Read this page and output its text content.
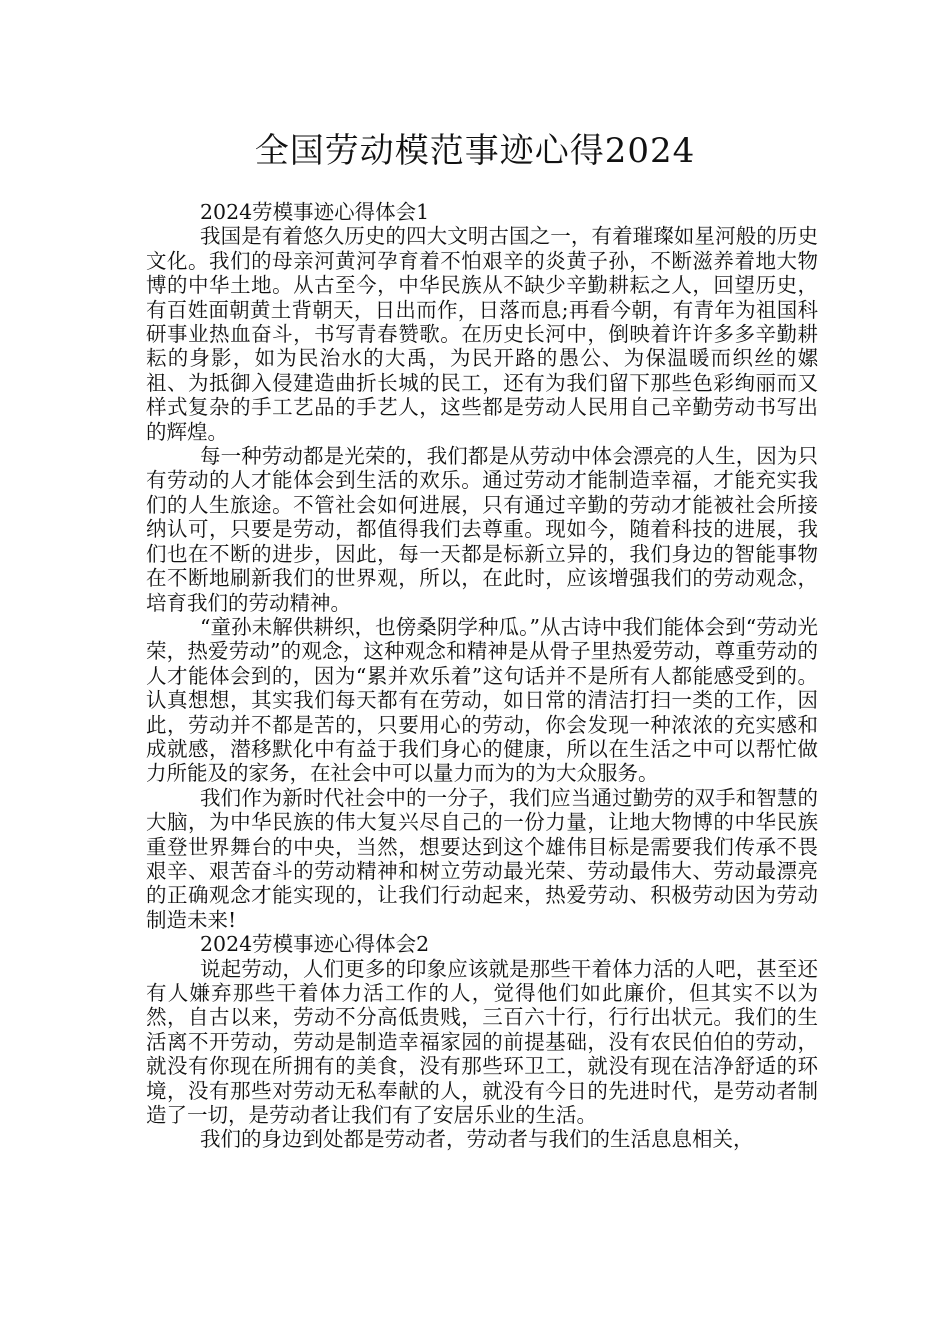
全国劳动模范事迹心得2024

2024劳模事迹心得体会1

我国是有着悠久历史的四大文明古国之一，有着璀璨如星河般的历史文化。我们的母亲河黄河孕育着不怕艰辛的炎黄子孙，不断滋养着地大物博的中华土地。从古至今，中华民族从不缺少辛勤耕耘之人，回望历史，有百姓面朝黄土背朝天，日出而作，日落而息;再看今朝，有青年为祖国科研事业热血奋斗，书写青春赞歌。在历史长河中，倒映着许许多多辛勤耕耘的身影，如为民治水的大禹，为民开路的愚公、为保温暖而织丝的嫘祖、为抵御入侵建造曲折长城的民工，还有为我们留下那些色彩绚丽而又样式复杂的手工艺品的手艺人，这些都是劳动人民用自己辛勤劳动书写出的辉煌。

每一种劳动都是光荣的，我们都是从劳动中体会漂亮的人生，因为只有劳动的人才能体会到生活的欢乐。通过劳动才能制造幸福，才能充实我们的人生旅途。不管社会如何进展，只有通过辛勤的劳动才能被社会所接纳认可，只要是劳动，都值得我们去尊重。现如今，随着科技的进展，我们也在不断的进步，因此，每一天都是标新立异的，我们身边的智能事物在不断地刷新我们的世界观，所以，在此时，应该增强我们的劳动观念，培育我们的劳动精神。

“童孙未解供耕织，也傍桑阴学种瓜。”从古诗中我们能体会到“劳动光荣，热爱劳动”的观念，这种观念和精神是从骨子里热爱劳动，尊重劳动的人才能体会到的，因为“累并欢乐着”这句话并不是所有人都能感受到的。认真想想，其实我们每天都有在劳动，如日常的清洁打扫一类的工作，因此，劳动并不都是苦的，只要用心的劳动，你会发现一种浓浓的充实感和成就感，潜移默化中有益于我们身心的健康，所以在生活之中可以帮忙做力所能及的家务，在社会中可以量力而为的为大众服务。

我们作为新时代社会中的一分子，我们应当通过勤劳的双手和智慧的大脑，为中华民族的伟大复兴尽自己的一份力量，让地大物博的中华民族重登世界舞台的中央，当然，想要达到这个雄伟目标是需要我们传承不畏艰辛、艰苦奋斗的劳动精神和树立劳动最光荣、劳动最伟大、劳动最漂亮的正确观念才能实现的，让我们行动起来，热爱劳动、积极劳动因为劳动制造未来!

2024劳模事迹心得体会2

说起劳动，人们更多的印象应该就是那些干着体力活的人吧，甚至还有人嫌弃那些干着体力活工作的人，觉得他们如此廉价，但其实不以为然，自古以来，劳动不分高低贵贱，三百六十行，行行出状元。我们的生活离不开劳动，劳动是制造幸福家园的前提基础，没有农民伯伯的劳动，就没有你现在所拥有的美食，没有那些环卫工，就没有现在洁净舒适的环境，没有那些对劳动无私奉献的人，就没有今日的先进时代，是劳动者制造了一切，是劳动者让我们有了安居乐业的生活。

我们的身边到处都是劳动者，劳动者与我们的生活息息相关，
